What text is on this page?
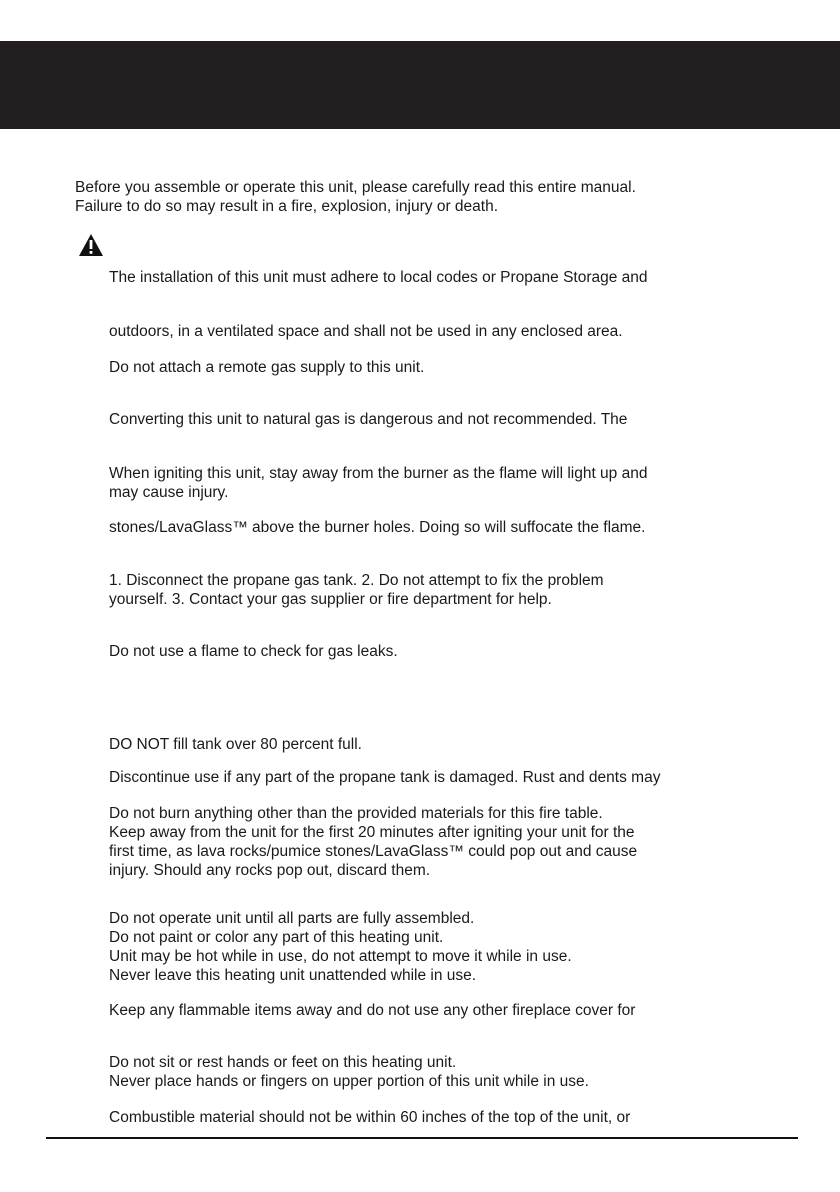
Before you assemble or operate this unit, please carefully read this entire manual.
Failure to do so may result in a fire, explosion, injury or death.
The installation of this unit must adhere to local codes or Propane Storage and
outdoors, in a ventilated space and shall not be used in any enclosed area.
Do not attach a remote gas supply to this unit.
Converting this unit to natural gas is dangerous and not recommended. The
When igniting this unit, stay away from the burner as the flame will light up and
may cause injury.
stones/LavaGlass™ above the burner holes. Doing so will suffocate the flame.
1. Disconnect the propane gas tank. 2. Do not attempt to fix the problem
yourself. 3. Contact your gas supplier or fire department for help.
Do not use a flame to check for gas leaks.
DO NOT fill tank over 80 percent full.
Discontinue use if any part of the propane tank is damaged. Rust and dents may
Do not burn anything other than the provided materials for this fire table.
Keep away from the unit for the first 20 minutes after igniting your unit for the
first time, as lava rocks/pumice stones/LavaGlass™ could pop out and cause
injury. Should any rocks pop out, discard them.
Do not operate unit until all parts are fully assembled.
Do not paint or color any part of this heating unit.
Unit may be hot while in use, do not attempt to move it while in use.
Never leave this heating unit unattended while in use.
Keep any flammable items away and do not use any other fireplace cover for
Do not sit or rest hands or feet on this heating unit.
Never place hands or fingers on upper portion of this unit while in use.
Combustible material should not be within 60 inches of the top of the unit, or
